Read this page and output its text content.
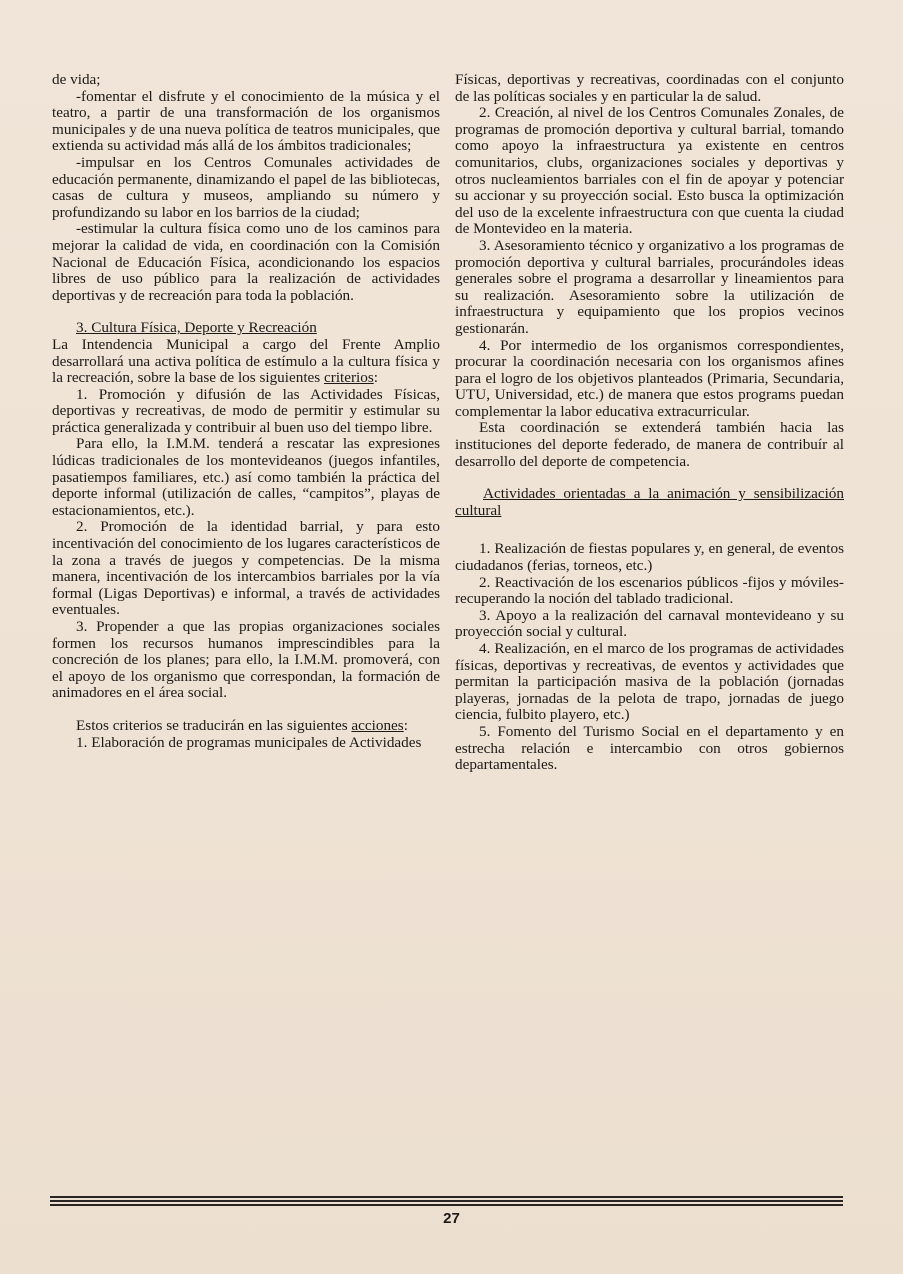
de vida;

-fomentar el disfrute y el conocimiento de la música y el teatro, a partir de una transformación de los organismos municipales y de una nueva política de teatros municipales, que extienda su actividad más allá de los ámbitos tradicionales;

-impulsar en los Centros Comunales actividades de educación permanente, dinamizando el papel de las bibliotecas, casas de cultura y museos, ampliando su número y profundizando su labor en los barrios de la ciudad;

-estimular la cultura física como uno de los caminos para mejorar la calidad de vida, en coordinación con la Comisión Nacional de Educación Física, acondicionando los espacios libres de uso público para la realización de actividades deportivas y de recreación para toda la población.

3. Cultura Física, Deporte y Recreación

La Intendencia Municipal a cargo del Frente Amplio desarrollará una activa política de estímulo a la cultura física y la recreación, sobre la base de los siguientes criterios:

1. Promoción y difusión de las Actividades Físicas, deportivas y recreativas, de modo de permitir y estimular su práctica generalizada y contribuir al buen uso del tiempo libre.

Para ello, la I.M.M. tenderá a rescatar las expresiones lúdicas tradicionales de los montevideanos (juegos infantiles, pasatiempos familiares, etc.) así como también la práctica del deporte informal (utilización de calles, “campitos”, playas de estacionamientos, etc.).

2. Promoción de la identidad barrial, y para esto incentivación del conocimiento de los lugares característicos de la zona a través de juegos y competencias. De la misma manera, incentivación de los intercambios barriales por la vía formal (Ligas Deportivas) e informal, a través de actividades eventuales.

3. Propender a que las propias organizaciones sociales formen los recursos humanos imprescindibles para la concreción de los planes; para ello, la I.M.M. promoverá, con el apoyo de los organismo que correspondan, la formación de animadores en el área social.

Estos criterios se traducirán en las siguientes acciones:

1. Elaboración de programas municipales de Actividades

Físicas, deportivas y recreativas, coordinadas con el conjunto de las políticas sociales y en particular la de salud.

2. Creación, al nivel de los Centros Comunales Zonales, de programas de promoción deportiva y cultural barrial, tomando como apoyo la infraestructura ya existente en centros comunitarios, clubs, organizaciones sociales y deportivas y otros nucleamientos barriales con el fin de apoyar y potenciar su accionar y su proyección social. Esto busca la optimización del uso de la excelente infraestructura con que cuenta la ciudad de Montevideo en la materia.

3. Asesoramiento técnico y organizativo a los programas de promoción deportiva y cultural barriales, procurándoles ideas generales sobre el programa a desarrollar y lineamientos para su realización. Asesoramiento sobre la utilización de infraestructura y equipamiento que los propios vecinos gestionarán.

4. Por intermedio de los organismos correspondientes, procurar la coordinación necesaria con los organismos afines para el logro de los objetivos planteados (Primaria, Secundaria, UTU, Universidad, etc.) de manera que estos programs puedan complementar la labor educativa extracurricular.

Esta coordinación se extenderá también hacia las instituciones del deporte federado, de manera de contribuír al desarrollo del deporte de competencia.

Actividades orientadas a la animación y sensibilización cultural

1. Realización de fiestas populares y, en general, de eventos ciudadanos (ferias, torneos, etc.)

2. Reactivación de los escenarios públicos -fijos y móviles- recuperando la noción del tablado tradicional.

3. Apoyo a la realización del carnaval montevideano y su proyección social y cultural.

4. Realización, en el marco de los programas de actividades físicas, deportivas y recreativas, de eventos y actividades que permitan la participación masiva de la población (jornadas playeras, jornadas de la pelota de trapo, jornadas de juego ciencia, fulbito playero, etc.)

5. Fomento del Turismo Social en el departamento y en estrecha relación e intercambio con otros gobiernos departamentales.

27
